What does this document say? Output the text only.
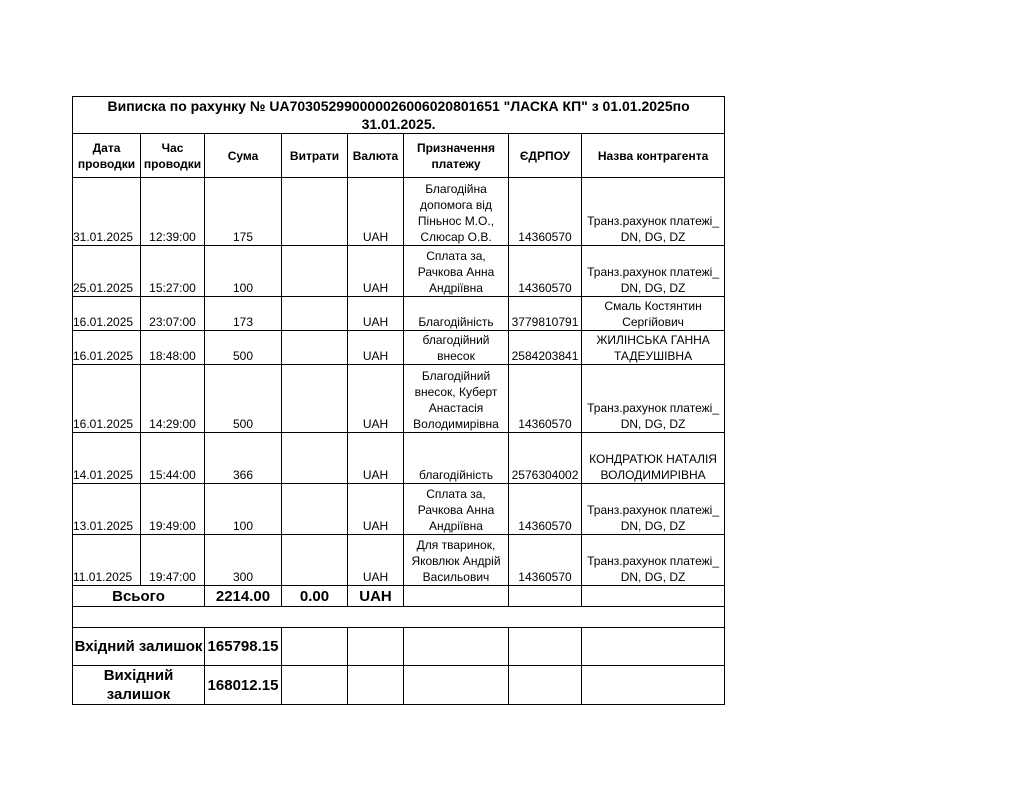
Виписка по рахунку № UA703052990000026006020801651 "ЛАСКА КП" з 01.01.2025по 31.01.2025.							
Дата проводки	Час проводки	Сума	Витрати	Валюта	Призначення платежу	ЄДРПОУ	Назва контрагента
31.01.2025	12:39:00	175		UAH	Благодійна допомога від Піньнос М.О., Слюсар О.В.	14360570	Транз.рахунок платежі_ DN, DG, DZ
25.01.2025	15:27:00	100		UAH	Сплата за, Рачкова Анна Андріївна	14360570	Транз.рахунок платежі_ DN, DG, DZ
16.01.2025	23:07:00	173		UAH	Благодійність	3779810791	Смаль Костянтин Сергійович
16.01.2025	18:48:00	500		UAH	благодійний внесок	2584203841	ЖИЛІНСЬКА ГАННА ТАДЕУШІВНА
16.01.2025	14:29:00	500		UAH	Благодійний внесок, Куберт Анастасія Володимирівна	14360570	Транз.рахунок платежі_ DN, DG, DZ
14.01.2025	15:44:00	366		UAH	благодійність	2576304002	КОНДРАТЮК НАТАЛІЯ ВОЛОДИМИРІВНА
13.01.2025	19:49:00	100		UAH	Сплата за, Рачкова Анна Андріївна	14360570	Транз.рахунок платежі_ DN, DG, DZ
11.01.2025	19:47:00	300		UAH	Для тваринок, Яковлюк Андрій Васильович	14360570	Транз.рахунок платежі_ DN, DG, DZ
Всього		2214.00	0.00	UAH			

Вхідний залишок		165798.15					
Вихідний залишок		168012.15					
